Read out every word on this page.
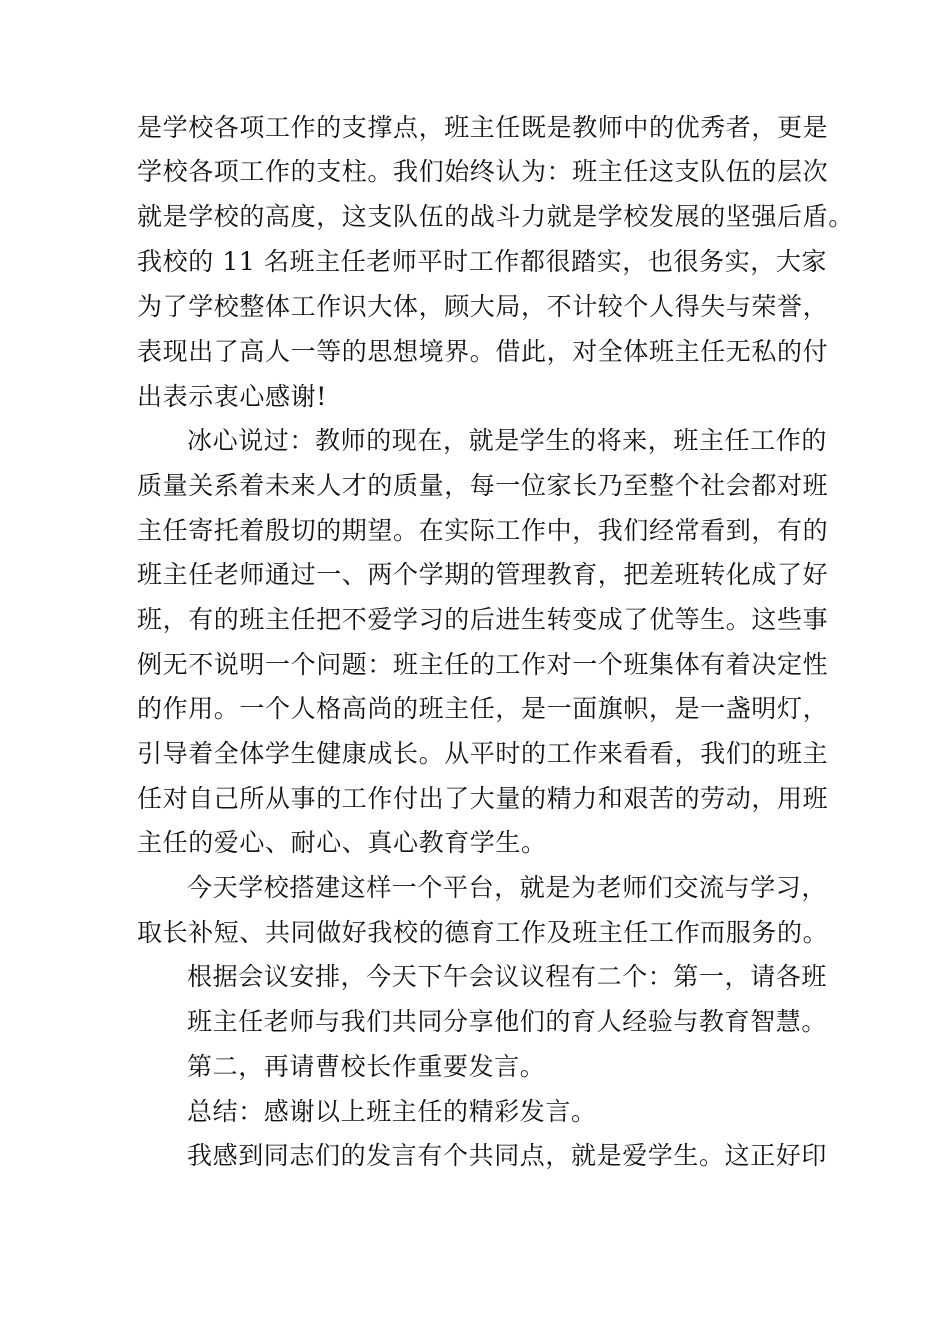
是学校各项工作的支撑点，班主任既是教师中的优秀者，更是
学校各项工作的支柱。我们始终认为：班主任这支队伍的层次
就是学校的高度，这支队伍的战斗力就是学校发展的坚强后盾。
我校的 11 名班主任老师平时工作都很踏实，也很务实，大家
为了学校整体工作识大体，顾大局，不计较个人得失与荣誉，
表现出了高人一等的思想境界。借此，对全体班主任无私的付
出表示衷心感谢!
冰心说过：教师的现在，就是学生的将来，班主任工作的
质量关系着未来人才的质量，每一位家长乃至整个社会都对班
主任寄托着殷切的期望。在实际工作中，我们经常看到，有的
班主任老师通过一、两个学期的管理教育，把差班转化成了好
班，有的班主任把不爱学习的后进生转变成了优等生。这些事
例无不说明一个问题：班主任的工作对一个班集体有着决定性
的作用。一个人格高尚的班主任，是一面旗帜，是一盏明灯，
引导着全体学生健康成长。从平时的工作来看看，我们的班主
任对自己所从事的工作付出了大量的精力和艰苦的劳动，用班
主任的爱心、耐心、真心教育学生。
今天学校搭建这样一个平台，就是为老师们交流与学习，
取长补短、共同做好我校的德育工作及班主任工作而服务的。
根据会议安排，今天下午会议议程有二个：第一，请各班
班主任老师与我们共同分享他们的育人经验与教育智慧。
第二，再请曹校长作重要发言。
总结：感谢以上班主任的精彩发言。
我感到同志们的发言有个共同点，就是爱学生。这正好印
